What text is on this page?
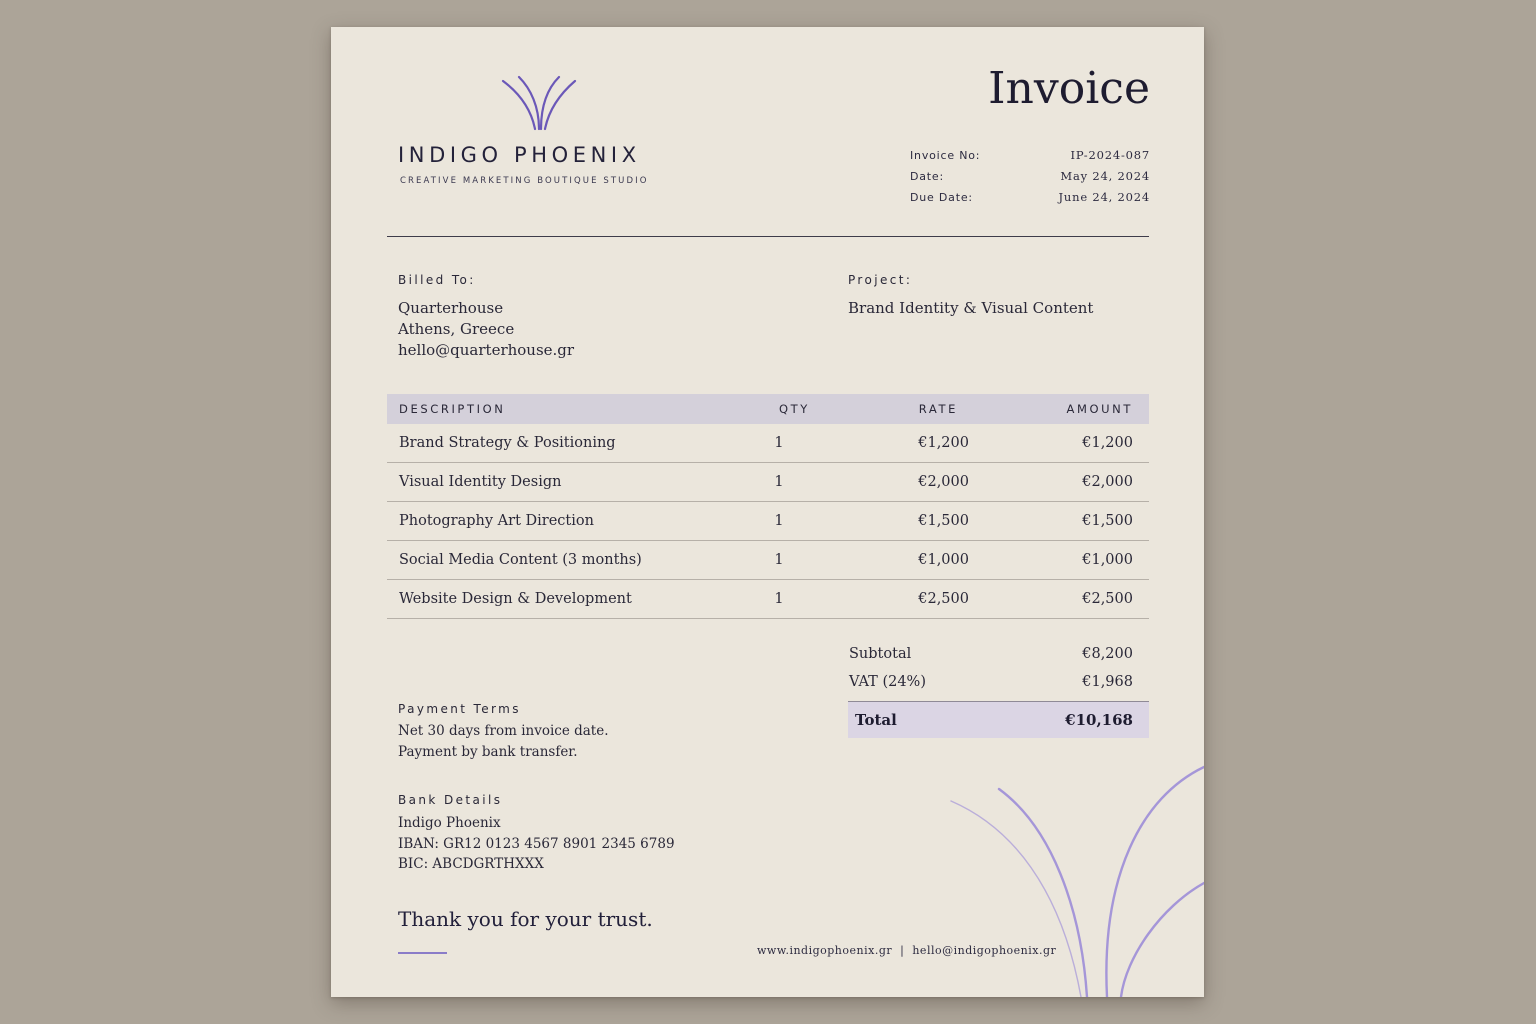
INDIGO PHOENIX
CREATIVE MARKETING BOUTIQUE STUDIO
Invoice
Invoice No:	IP-2024-087
Date:	May 24, 2024
Due Date:	June 24, 2024
Billed To:
Quarterhouse
Athens, Greece
hello@quarterhouse.gr
Project:
Brand Identity & Visual Content
DESCRIPTION	QTY	RATE	AMOUNT
Brand Strategy & Positioning	1	€1,200	€1,200
Visual Identity Design	1	€2,000	€2,000
Photography Art Direction	1	€1,500	€1,500
Social Media Content (3 months)	1	€1,000	€1,000
Website Design & Development	1	€2,500	€2,500
Subtotal	€8,200
VAT (24%)	€1,968
Total	€10,168
Payment Terms
Net 30 days from invoice date.
Payment by bank transfer.
Bank Details
Indigo Phoenix
IBAN: GR12 0123 4567 8901 2345 6789
BIC: ABCDGRTHXXX
Thank you for your trust.
www.indigophoenix.gr | hello@indigophoenix.gr
